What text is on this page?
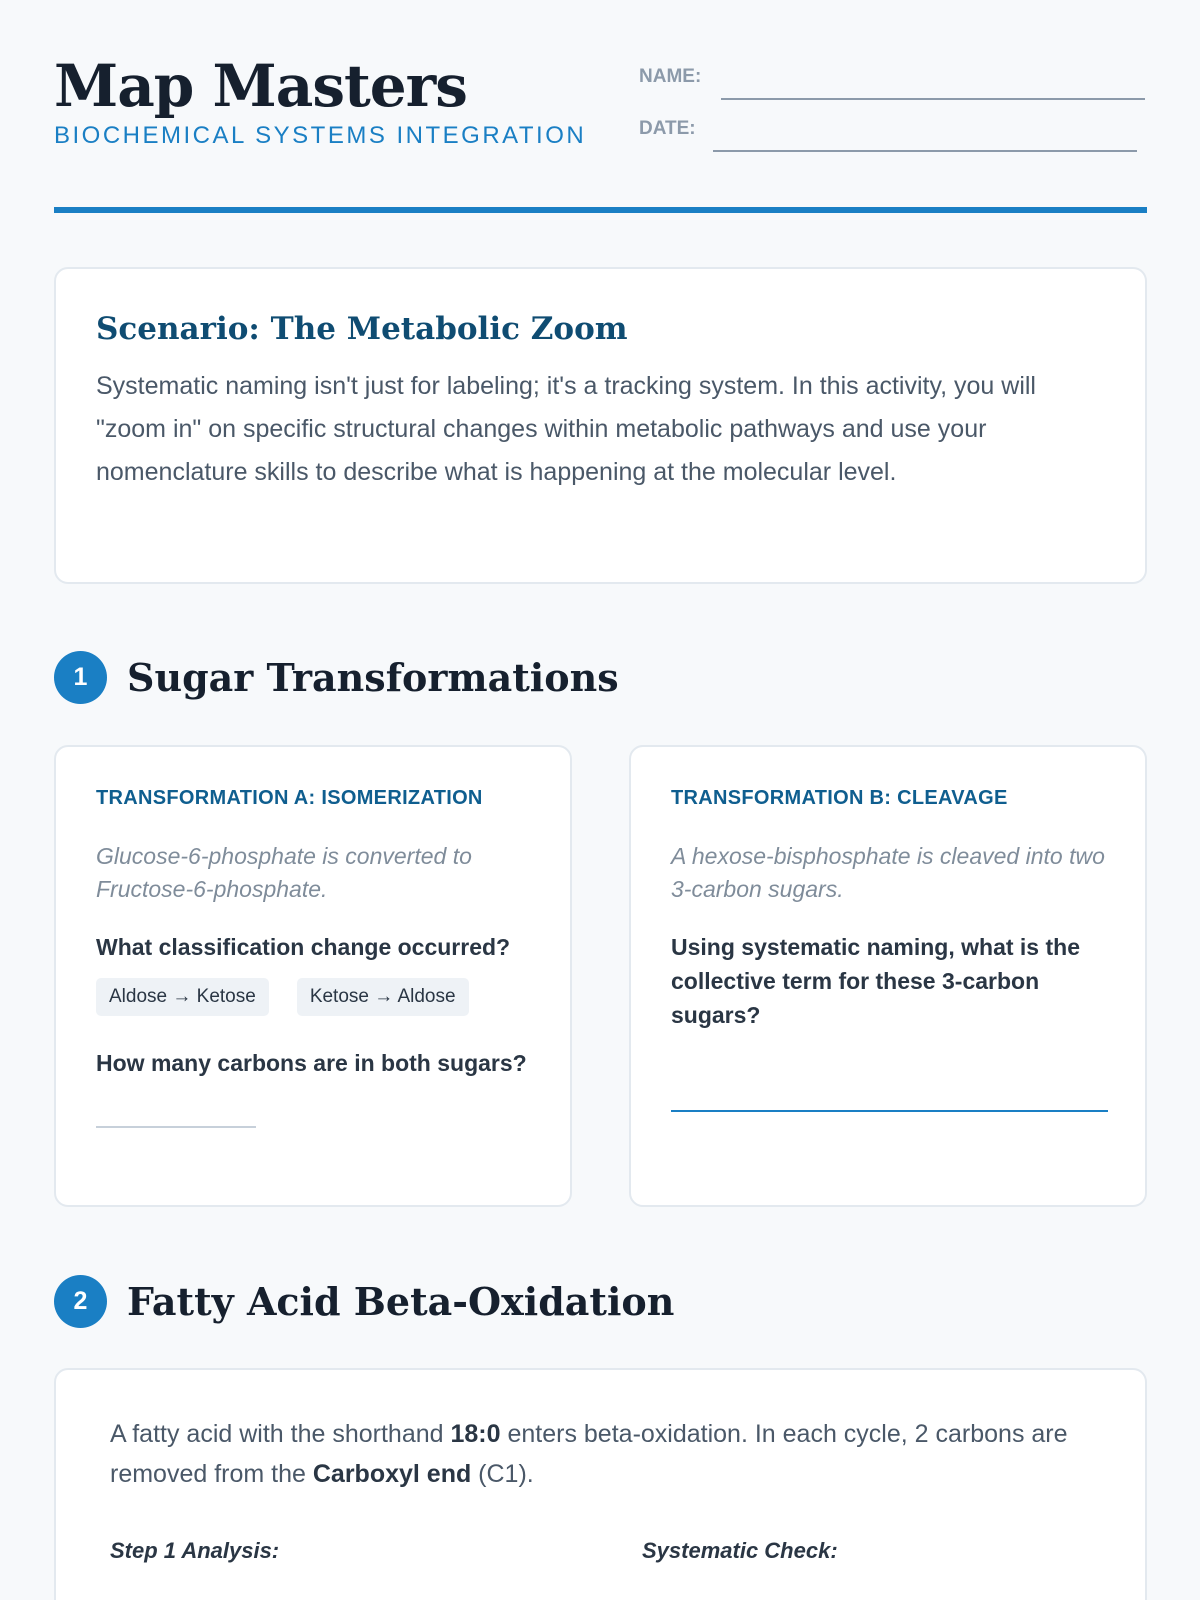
Map Masters
BIOCHEMICAL SYSTEMS INTEGRATION
NAME:
DATE:
Scenario: The Metabolic Zoom

Systematic naming isn't just for labeling; it's a tracking system. In this activity, you will "zoom in" on specific structural changes within metabolic pathways and use your nomenclature skills to describe what is happening at the molecular level.

1	Sugar Transformations
TRANSFORMATION A: ISOMERIZATION
Glucose-6-phosphate is converted to Fructose-6-phosphate.
What classification change occurred?
Aldose → Ketose	Ketose → Aldose
How many carbons are in both sugars?
TRANSFORMATION B: CLEAVAGE
A hexose-bisphosphate is cleaved into two 3-carbon sugars.
Using systematic naming, what is the collective term for these 3-carbon sugars?
2	Fatty Acid Beta-Oxidation

A fatty acid with the shorthand 18:0 enters beta-oxidation. In each cycle, 2 carbons are removed from the Carboxyl end (C1).

Step 1 Analysis:	Systematic Check:
